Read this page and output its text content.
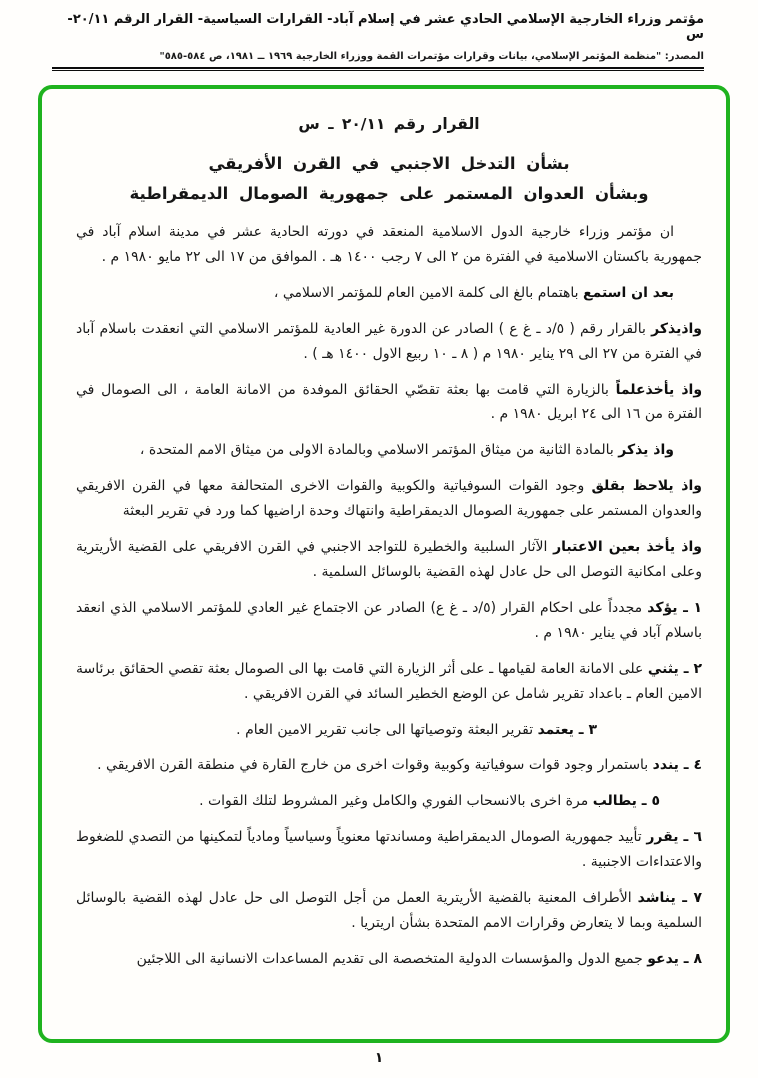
مؤتمر وزراء الخارجية الإسلامي الحادي عشر في إسلام آباد- القرارات السياسية- القرار الرقم ٢٠/١١- س
المصدر: "منظمة المؤتمر الإسلامي، بيانات وقرارات مؤتمرات القمة ووزراء الخارجية ١٩٦٩ ــ ١٩٨١، ص ٥٨٤-٥٨٥"
القرار رقم ٢٠/١١ ـ س
بشأن التدخل الاجنبي في القرن الأفريقي
وبشأن العدوان المستمر على جمهورية الصومال الديمقراطية

ان مؤتمر وزراء خارجية الدول الاسلامية المنعقد في دورته الحادية عشر في مدينة اسلام آباد في جمهورية باكستان الاسلامية في الفترة من ٢ الى ٧ رجب ١٤٠٠ هـ . الموافق من ١٧ الى ٢٢ مايو ١٩٨٠ م .

بعد ان استمع باهتمام بالغ الى كلمة الامين العام للمؤتمر الاسلامي ،

واذيذكر بالقرار رقم ( ٥/د ـ غ ع ) الصادر عن الدورة غير العادية للمؤتمر الاسلامي التي انعقدت باسلام آباد في الفترة من ٢٧ الى ٢٩ يناير ١٩٨٠ م ( ٨ ـ ١٠ ربيع الاول ١٤٠٠ هـ ) .

واذ يأخذعلماً بالزيارة التي قامت بها بعثة تقصّي الحقائق الموفدة من الامانة العامة ، الى الصومال في الفترة من ١٦ الى ٢٤ ابريل ١٩٨٠ م .

واذ يذكر بالمادة الثانية من ميثاق المؤتمر الاسلامي وبالمادة الاولى من ميثاق الامم المتحدة ،

واذ يلاحظ بقلق وجود القوات السوفياتية والكوبية والقوات الاخرى المتحالفة معها في القرن الافريقي والعدوان المستمر على جمهورية الصومال الديمقراطية وانتهاك وحدة اراضيها كما ورد في تقرير البعثة

واذ يأخذ بعين الاعتبار الآثار السلبية والخطيرة للتواجد الاجنبي في القرن الافريقي على القضية الأريترية وعلى امكانية التوصل الى حل عادل لهذه القضية بالوسائل السلمية .

١ ـ يؤكد مجدداً على احكام القرار (٥/د ـ غ ع) الصادر عن الاجتماع غير العادي للمؤتمر الاسلامي الذي انعقد باسلام آباد في يناير ١٩٨٠ م .

٢ ـ يثني على الامانة العامة لقيامها ـ على أثر الزيارة التي قامت بها الى الصومال بعثة تقصي الحقائق برئاسة الامين العام ـ باعداد تقرير شامل عن الوضع الخطير السائد في القرن الافريقي .

٣ ـ يعتمد تقرير البعثة وتوصياتها الى جانب تقرير الامين العام .

٤ ـ يندد باستمرار وجود قوات سوفياتية وكوبية وقوات اخرى من خارج القارة في منطقة القرن الافريقي .

٥ ـ يطالب مرة اخرى بالانسحاب الفوري والكامل وغير المشروط لتلك القوات .

٦ ـ يقرر تأييد جمهورية الصومال الديمقراطية ومساندتها معنوياً وسياسياً ومادياً لتمكينها من التصدي للضغوط والاعتداءات الاجنبية .

٧ ـ يناشد الأطراف المعنية بالقضية الأريترية العمل من أجل التوصل الى حل عادل لهذه القضية بالوسائل السلمية وبما لا يتعارض وقرارات الامم المتحدة بشأن اريتريا .

٨ ـ يدعو جميع الدول والمؤسسات الدولية المتخصصة الى تقديم المساعدات الانسانية الى اللاجئين

١
